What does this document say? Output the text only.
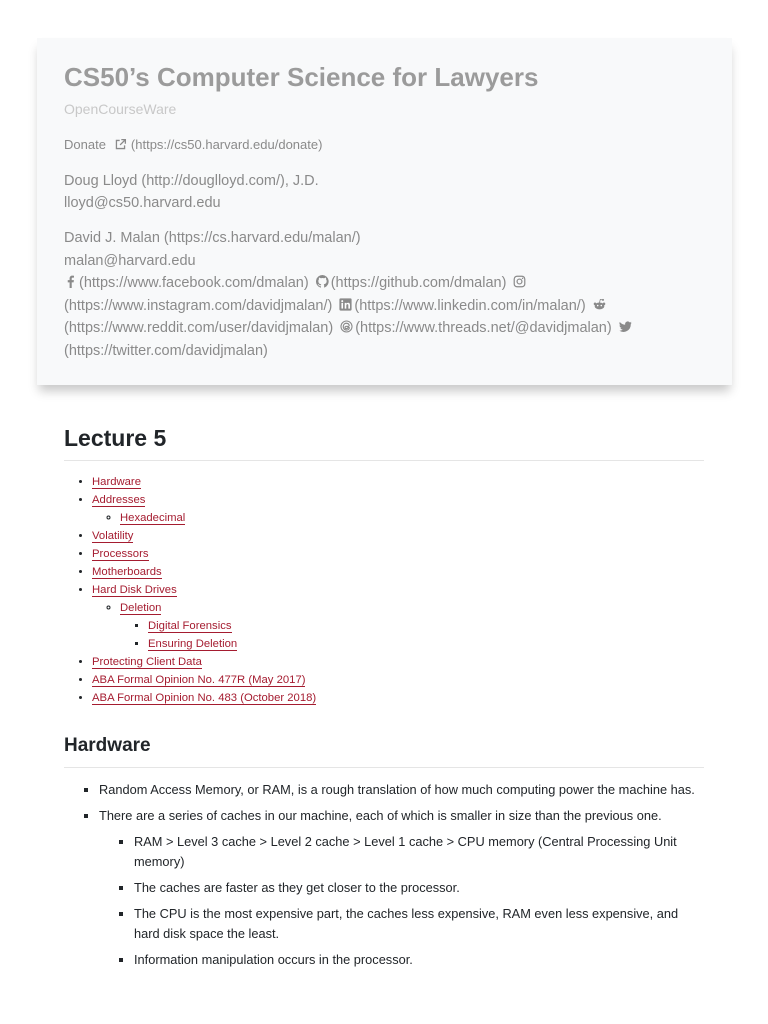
CS50’s Computer Science for Lawyers
OpenCourseWare
Donate (https://cs50.harvard.edu/donate)
Doug Lloyd (http://douglloyd.com/), J.D.
lloyd@cs50.harvard.edu
David J. Malan (https://cs.harvard.edu/malan/)
malan@harvard.edu
(https://www.facebook.com/dmalan) (https://github.com/dmalan)  (https://www.instagram.com/davidjmalan/) (https://www.linkedin.com/in/malan/)  (https://www.reddit.com/user/davidjmalan) (https://www.threads.net/@davidjmalan)
(https://twitter.com/davidjmalan)
Lecture 5
• Hardware
• Addresses
◦ Hexadecimal
• Volatility
• Processors
• Motherboards
• Hard Disk Drives
◦ Deletion
▪ Digital Forensics
▪ Ensuring Deletion
• Protecting Client Data
• ABA Formal Opinion No. 477R (May 2017)
• ABA Formal Opinion No. 483 (October 2018)
Hardware
▪ Random Access Memory, or RAM, is a rough translation of how much computing power the machine has.
▪ There are a series of caches in our machine, each of which is smaller in size than the previous one.
▪ RAM > Level 3 cache > Level 2 cache > Level 1 cache > CPU memory (Central Processing Unit memory)
▪ The caches are faster as they get closer to the processor.
▪ The CPU is the most expensive part, the caches less expensive, RAM even less expensive, and hard disk space the least.
▪ Information manipulation occurs in the processor.
